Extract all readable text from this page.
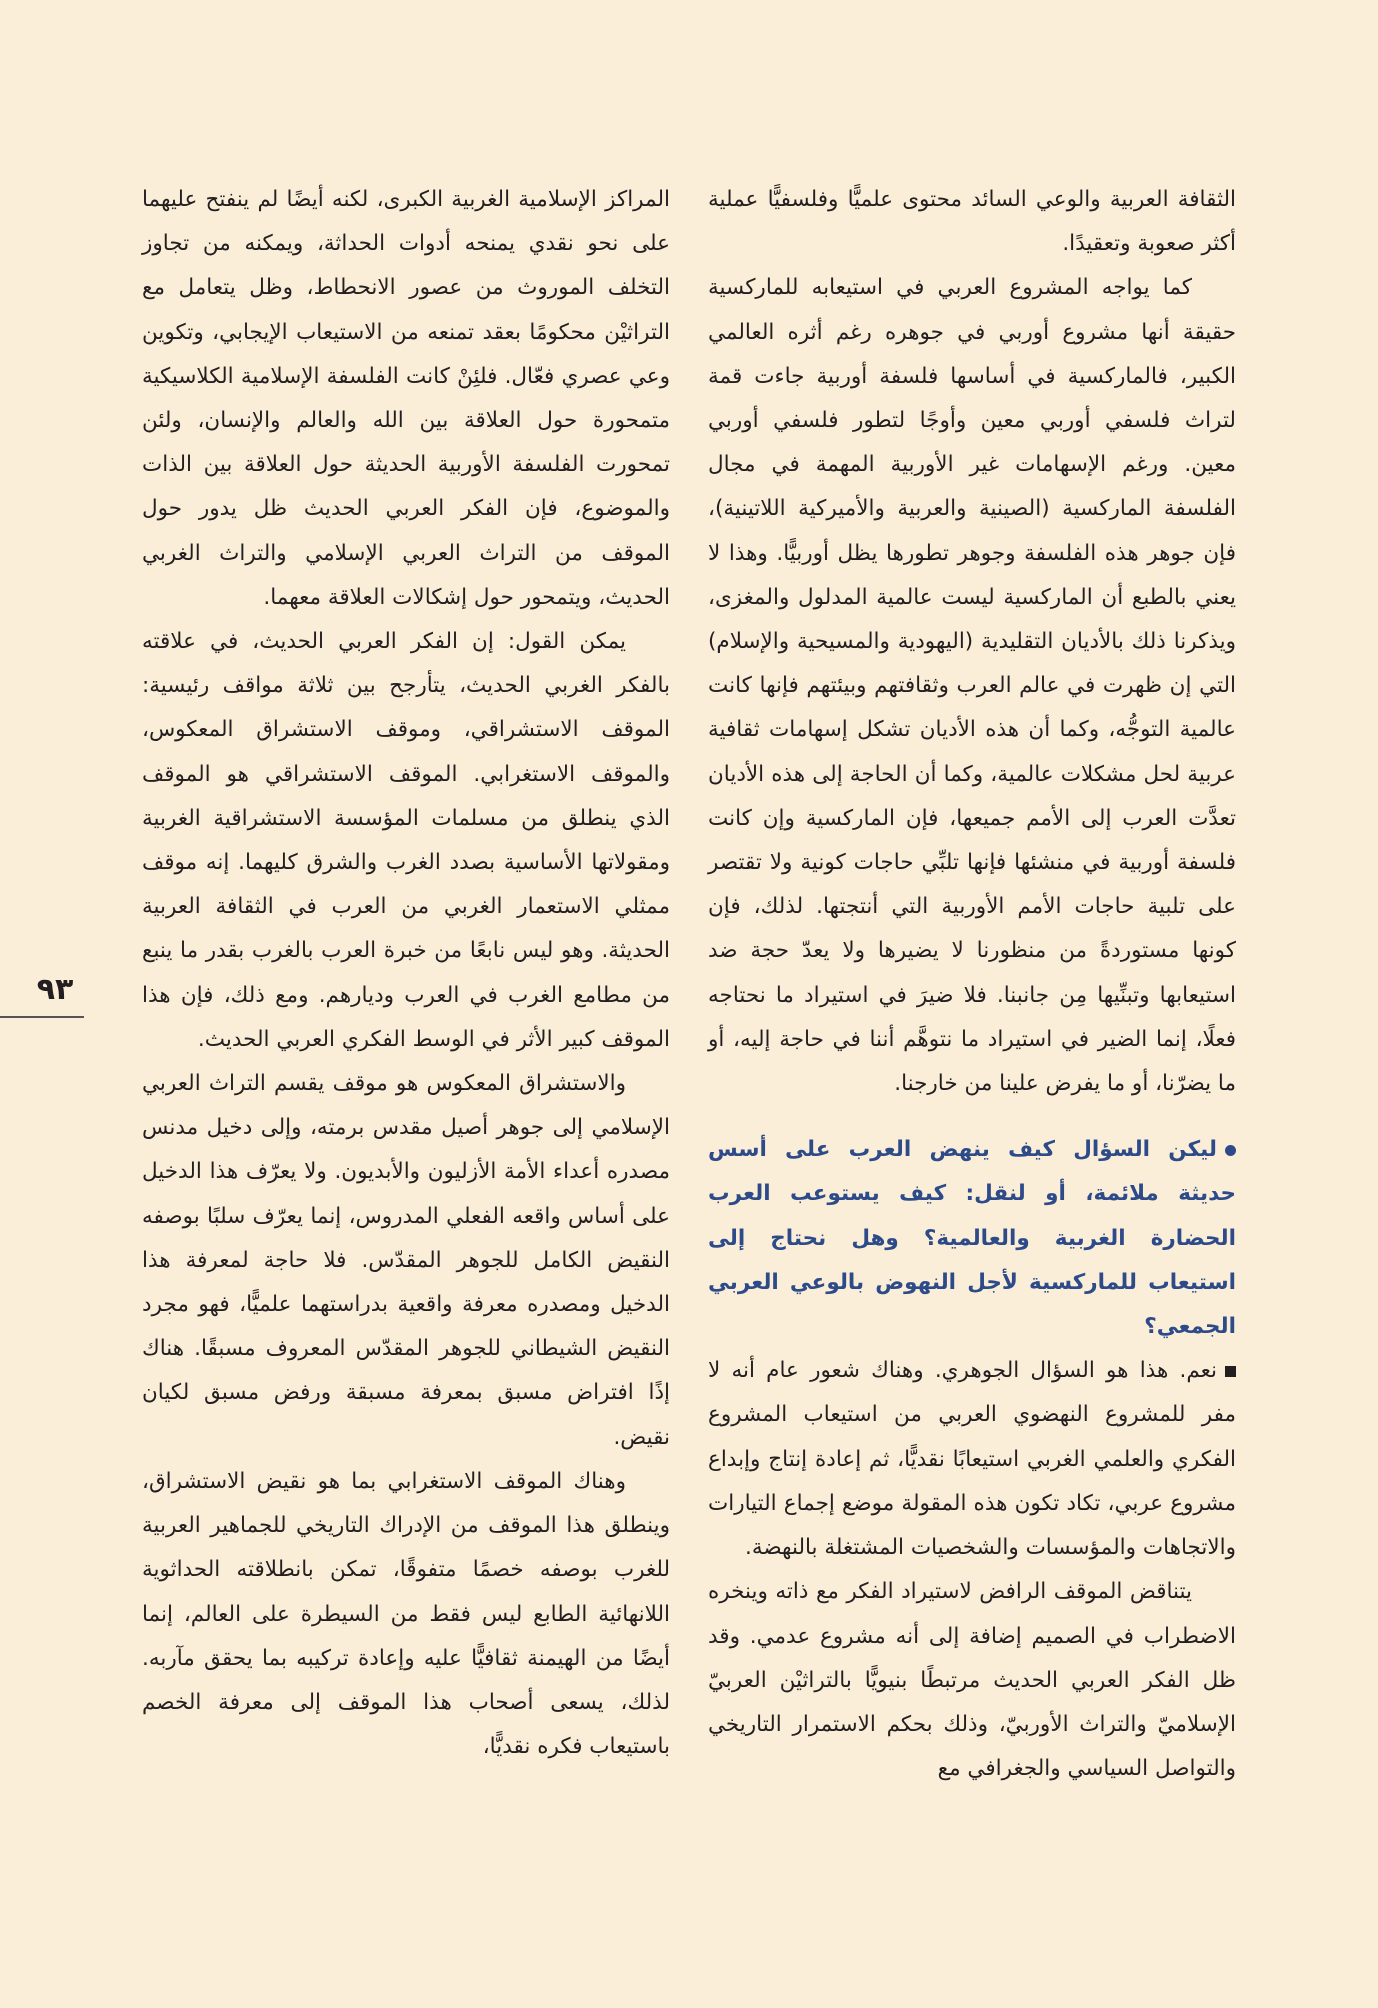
الثقافة العربية والوعي السائد محتوى علميًّا وفلسفيًّا عملية أكثر صعوبة وتعقيدًا.

كما يواجه المشروع العربي في استيعابه للماركسية حقيقة أنها مشروع أوربي في جوهره رغم أثره العالمي الكبير، فالماركسية في أساسها فلسفة أوربية جاءت قمة لتراث فلسفي أوربي معين وأوجًا لتطور فلسفي أوربي معين. ورغم الإسهامات غير الأوربية المهمة في مجال الفلسفة الماركسية (الصينية والعربية والأميركية اللاتينية)، فإن جوهر هذه الفلسفة وجوهر تطورها يظل أوربيًّا. وهذا لا يعني بالطبع أن الماركسية ليست عالمية المدلول والمغزى، ويذكرنا ذلك بالأديان التقليدية (اليهودية والمسيحية والإسلام) التي إن ظهرت في عالم العرب وثقافتهم وبيئتهم فإنها كانت عالمية التوجُّه، وكما أن هذه الأديان تشكل إسهامات ثقافية عربية لحل مشكلات عالمية، وكما أن الحاجة إلى هذه الأديان تعدَّت العرب إلى الأمم جميعها، فإن الماركسية وإن كانت فلسفة أوربية في منشئها فإنها تلبِّي حاجات كونية ولا تقتصر على تلبية حاجات الأمم الأوربية التي أنتجتها. لذلك، فإن كونها مستوردةً من منظورنا لا يضيرها ولا يعدّ حجة ضد استيعابها وتبنِّيها مِن جانبنا. فلا ضيرَ في استيراد ما نحتاجه فعلًا، إنما الضير في استيراد ما نتوهَّم أننا في حاجة إليه، أو ما يضرّنا، أو ما يفرض علينا من خارجنا.

ليكن السؤال كيف ينهض العرب على أسس حديثة ملائمة، أو لنقل: كيف يستوعب العرب الحضارة الغربية والعالمية؟ وهل نحتاج إلى استيعاب للماركسية لأجل النهوض بالوعي العربي الجمعي؟

نعم. هذا هو السؤال الجوهري. وهناك شعور عام أنه لا مفر للمشروع النهضوي العربي من استيعاب المشروع الفكري والعلمي الغربي استيعابًا نقديًّا، ثم إعادة إنتاج وإبداع مشروع عربي، تكاد تكون هذه المقولة موضع إجماع التيارات والاتجاهات والمؤسسات والشخصيات المشتغلة بالنهضة.

يتناقض الموقف الرافض لاستيراد الفكر مع ذاته وينخره الاضطراب في الصميم إضافة إلى أنه مشروع عدمي. وقد ظل الفكر العربي الحديث مرتبطًا بنيويًّا بالتراثيْن العربيّ الإسلاميّ والتراث الأوربيّ، وذلك بحكم الاستمرار التاريخي والتواصل السياسي والجغرافي مع

المراكز الإسلامية الغربية الكبرى، لكنه أيضًا لم ينفتح عليهما على نحو نقدي يمنحه أدوات الحداثة، ويمكنه من تجاوز التخلف الموروث من عصور الانحطاط، وظل يتعامل مع التراثيْن محكومًا بعقد تمنعه من الاستيعاب الإيجابي، وتكوين وعي عصري فعّال. فلئِنْ كانت الفلسفة الإسلامية الكلاسيكية متمحورة حول العلاقة بين الله والعالم والإنسان، ولئن تمحورت الفلسفة الأوربية الحديثة حول العلاقة بين الذات والموضوع، فإن الفكر العربي الحديث ظل يدور حول الموقف من التراث العربي الإسلامي والتراث الغربي الحديث، ويتمحور حول إشكالات العلاقة معهما.

يمكن القول: إن الفكر العربي الحديث، في علاقته بالفكر الغربي الحديث، يتأرجح بين ثلاثة مواقف رئيسية: الموقف الاستشراقي، وموقف الاستشراق المعكوس، والموقف الاستغرابي. الموقف الاستشراقي هو الموقف الذي ينطلق من مسلمات المؤسسة الاستشراقية الغربية ومقولاتها الأساسية بصدد الغرب والشرق كليهما. إنه موقف ممثلي الاستعمار الغربي من العرب في الثقافة العربية الحديثة. وهو ليس نابعًا من خبرة العرب بالغرب بقدر ما ينبع من مطامع الغرب في العرب وديارهم. ومع ذلك، فإن هذا الموقف كبير الأثر في الوسط الفكري العربي الحديث.

والاستشراق المعكوس هو موقف يقسم التراث العربي الإسلامي إلى جوهر أصيل مقدس برمته، وإلى دخيل مدنس مصدره أعداء الأمة الأزليون والأبديون. ولا يعرّف هذا الدخيل على أساس واقعه الفعلي المدروس، إنما يعرّف سلبًا بوصفه النقيض الكامل للجوهر المقدّس. فلا حاجة لمعرفة هذا الدخيل ومصدره معرفة واقعية بدراستهما علميًّا، فهو مجرد النقيض الشيطاني للجوهر المقدّس المعروف مسبقًا. هناك إذًا افتراض مسبق بمعرفة مسبقة ورفض مسبق لكيان نقيض.

وهناك الموقف الاستغرابي بما هو نقيض الاستشراق، وينطلق هذا الموقف من الإدراك التاريخي للجماهير العربية للغرب بوصفه خصمًا متفوقًا، تمكن بانطلاقته الحداثوية اللانهائية الطابع ليس فقط من السيطرة على العالم، إنما أيضًا من الهيمنة ثقافيًّا عليه وإعادة تركيبه بما يحقق مآربه. لذلك، يسعى أصحاب هذا الموقف إلى معرفة الخصم باستيعاب فكره نقديًّا،

٩٣
